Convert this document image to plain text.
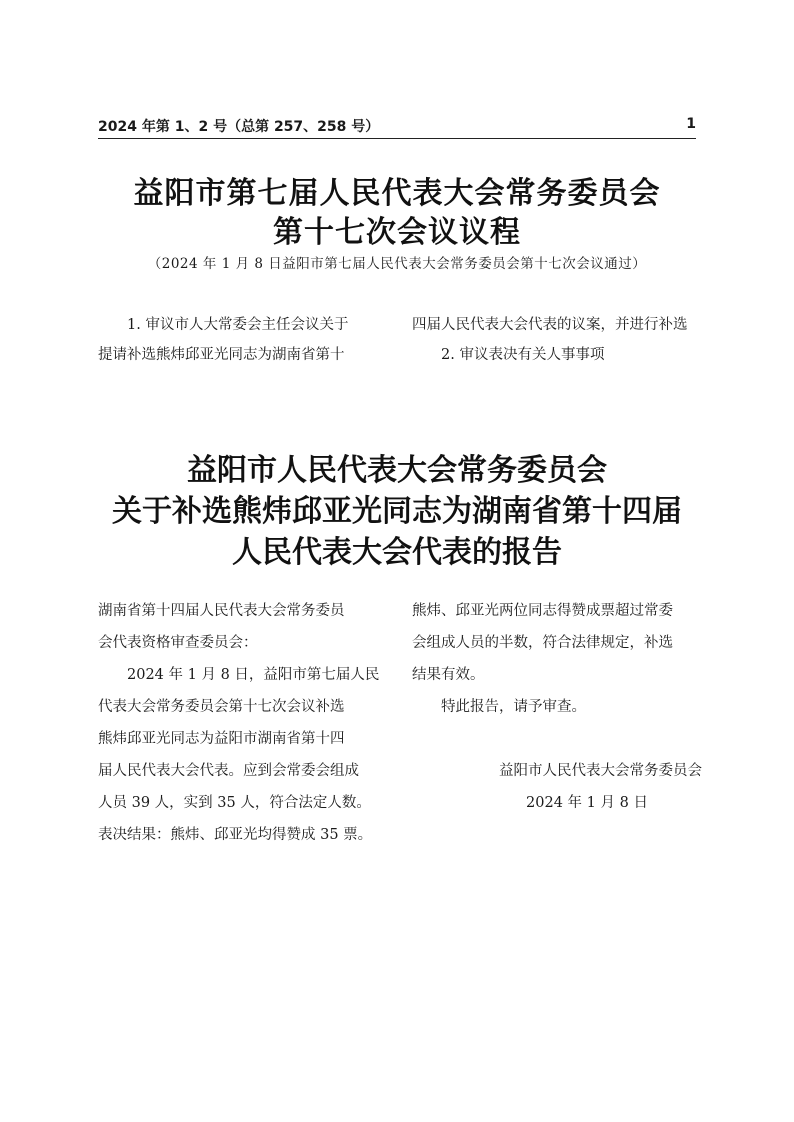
2024 年第 1、2 号（总第 257、258 号）	1
益阳市第七届人民代表大会常务委员会
第十七次会议议程
（2024 年 1 月 8 日益阳市第七届人民代表大会常务委员会第十七次会议通过）

　　1. 审议市人大常委会主任会议关于

提请补选熊炜邱亚光同志为湖南省第十

四届人民代表大会代表的议案，并进行补选

　　2. 审议表决有关人事事项

益阳市人民代表大会常务委员会
关于补选熊炜邱亚光同志为湖南省第十四届
人民代表大会代表的报告

湖南省第十四届人民代表大会常务委员

会代表资格审查委员会：

　　2024 年 1 月 8 日，益阳市第七届人民

代表大会常务委员会第十七次会议补选

熊炜邱亚光同志为益阳市湖南省第十四

届人民代表大会代表。应到会常委会组成

人员 39 人，实到 35 人，符合法定人数。

表决结果：熊炜、邱亚光均得赞成 35 票。

熊炜、邱亚光两位同志得赞成票超过常委

会组成人员的半数，符合法律规定，补选

结果有效。

　　特此报告，请予审查。

益阳市人民代表大会常务委员会

2024 年 1 月 8 日
